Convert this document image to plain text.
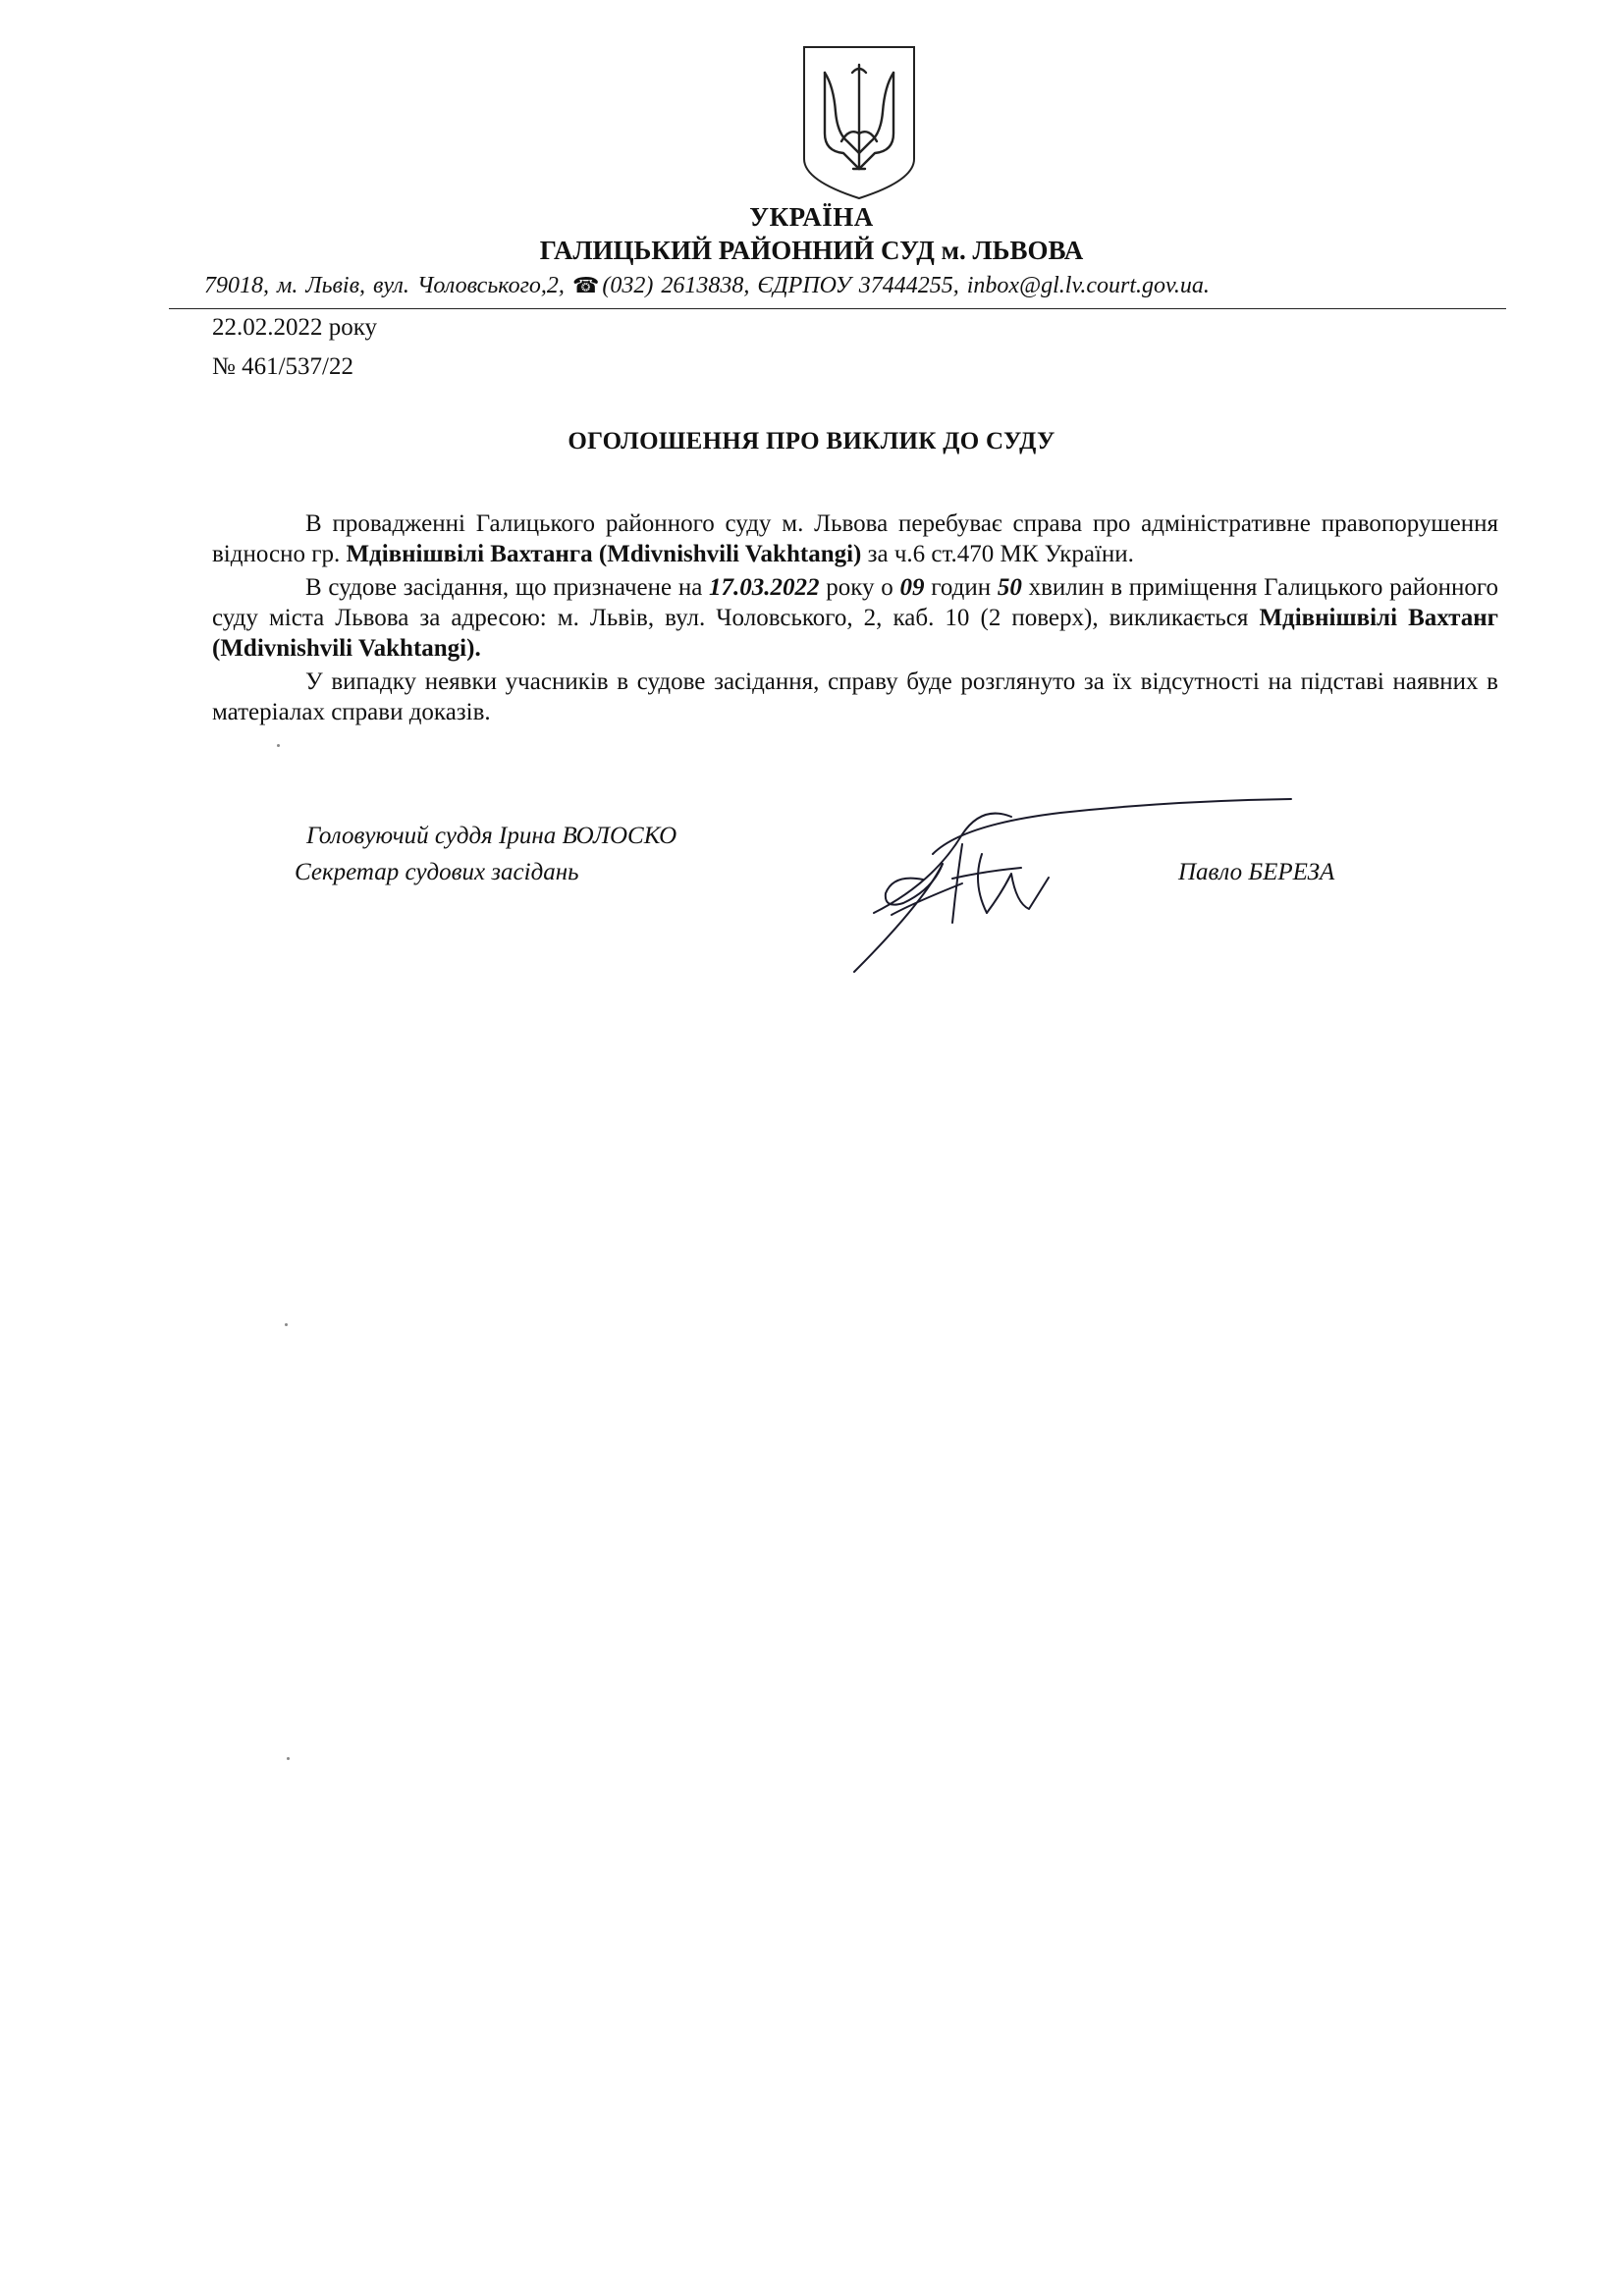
УКРАЇНА
ГАЛИЦЬКИЙ РАЙОННИЙ СУД м. ЛЬВОВА
79018, м. Львів, вул. Чоловського,2, ☎ (032) 2613838, ЄДРПОУ 37444255, inbox@gl.lv.court.gov.ua.
22.02.2022 року
№ 461/537/22
ОГОЛОШЕННЯ ПРО ВИКЛИК ДО СУДУ

В провадженні Галицького районного суду м. Львова перебуває справа про адміністративне правопорушення відносно гр. Мдівнішвілі Вахтанга (Mdivnishvili Vakhtangi) за ч.6 ст.470 МК України.

В судове засідання, що призначене на 17.03.2022 року о 09 годин 50 хвилин в приміщення Галицького районного суду міста Львова за адресою: м. Львів, вул. Чоловського, 2, каб. 10 (2 поверх), викликається Мдівнішвілі Вахтанг (Mdivnishvili Vakhtangi).

У випадку неявки учасників в судове засідання, справу буде розглянуто за їх відсутності на підставі наявних в матеріалах справи доказів.

Головуючий суддя Ірина ВОЛОСКО
Секретар судових засідань	Павло БЕРЕЗА
